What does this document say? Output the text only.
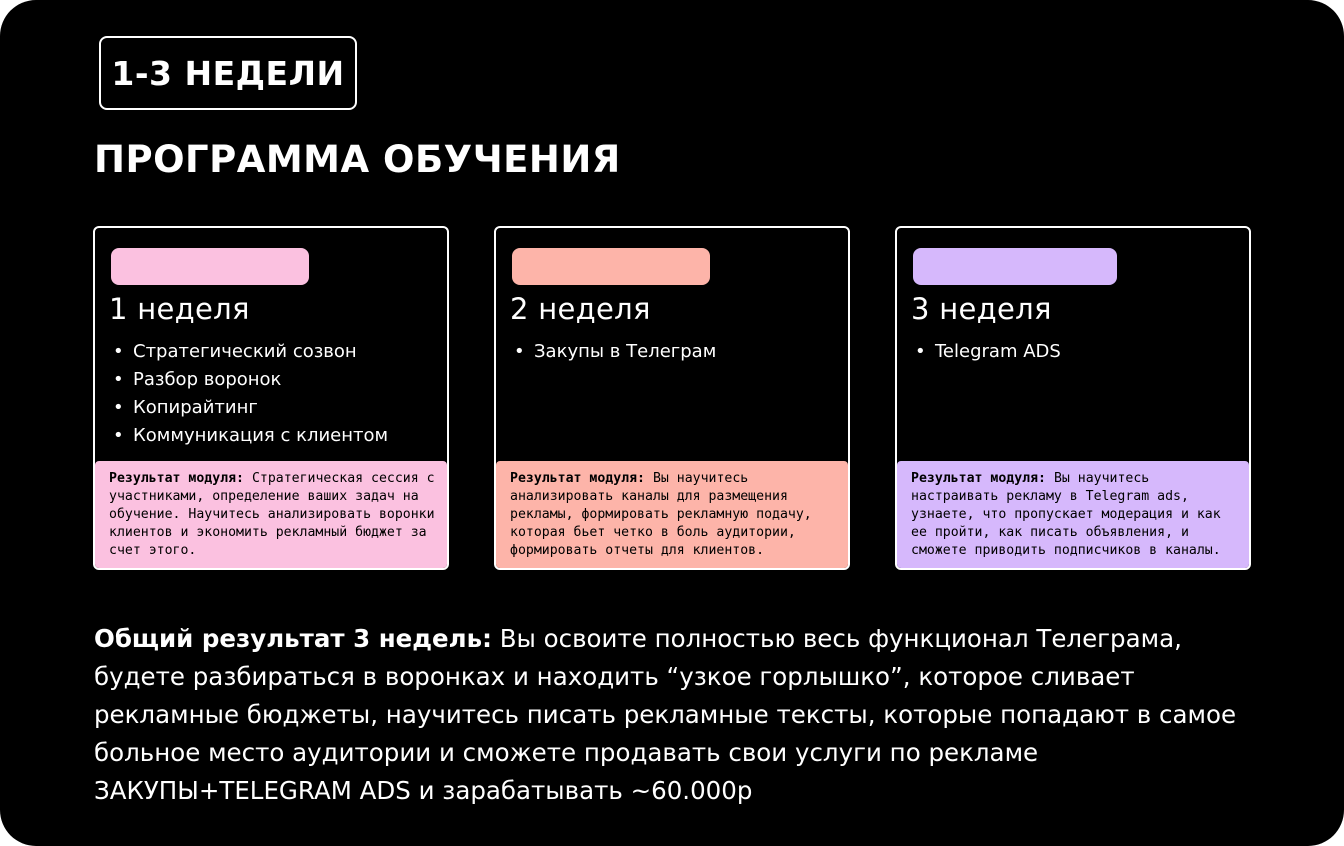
1-3 НЕДЕЛИ
ПРОГРАММА ОБУЧЕНИЯ
1 неделя
• Стратегический созвон
• Разбор воронок
• Копирайтинг
• Коммуникация с клиентом
Результат модуля: Стратегическая сессия с участниками, определение ваших задач на обучение. Научитесь анализировать воронки клиентов и экономить рекламный бюджет за счет этого.
2 неделя
• Закупы в Телеграм
Результат модуля: Вы научитесь анализировать каналы для размещения рекламы, формировать рекламную подачу, которая бьет четко в боль аудитории, формировать отчеты для клиентов.
3 неделя
• Telegram ADS
Результат модуля: Вы научитесь настраивать рекламу в Telegram ads, узнаете, что пропускает модерация и как ее пройти, как писать объявления, и сможете приводить подписчиков в каналы.

Общий результат 3 недель: Вы освоите полностью весь функционал Телеграма, будете разбираться в воронках и находить “узкое горлышко”, которое сливает рекламные бюджеты, научитесь писать рекламные тексты, которые попадают в самое больное место аудитории и сможете продавать свои услуги по рекламе ЗАКУПЫ+TELEGRAM ADS и зарабатывать ~60.000р
